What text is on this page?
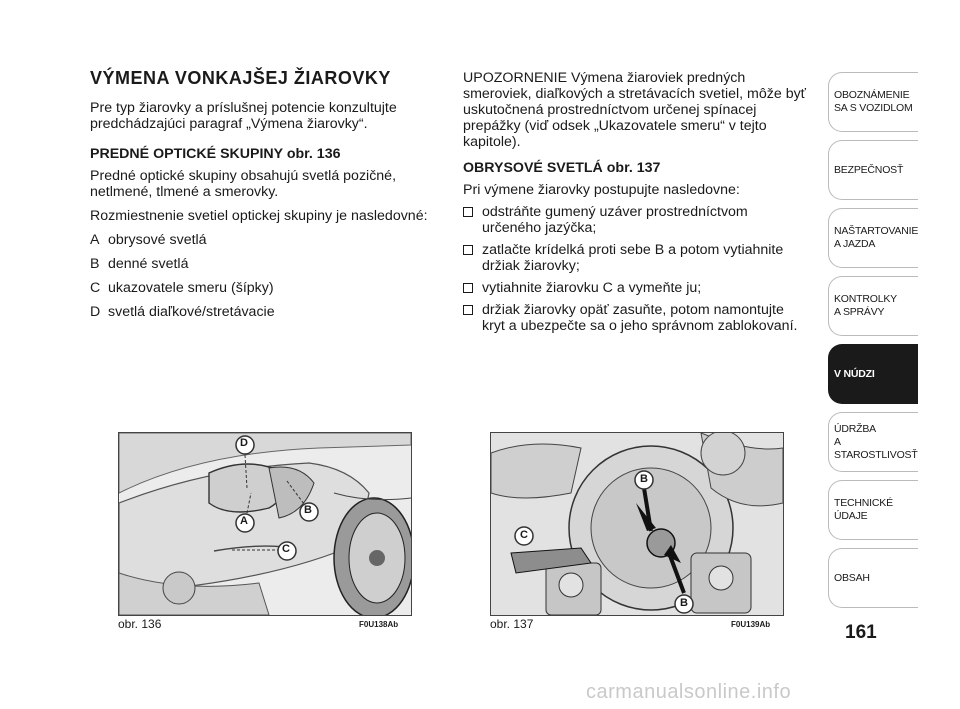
VÝMENA VONKAJŠEJ ŽIAROVKY

Pre typ žiarovky a príslušnej potencie konzultujte predchádzajúci paragraf „Výmena žiarovky“.

PREDNÉ OPTICKÉ SKUPINY obr. 136

Predné optické skupiny obsahujú svetlá pozičné, netlmené, tlmené a smerovky.

Rozmiestnenie svetiel optickej skupiny je nasledovné:

A obrysové svetlá
B denné svetlá
C ukazovatele smeru (šípky)
D svetlá diaľkové/stretávacie

UPOZORNENIE Výmena žiaroviek predných smeroviek, diaľkových a stretávacích svetiel, môže byť uskutočnená prostredníctvom určenej spínacej prepážky (viď odsek „Ukazovatele smeru“ v tejto kapitole).

OBRYSOVÉ SVETLÁ obr. 137

Pri výmene žiarovky postupujte nasledovne:

odstráňte gumený uzáver prostredníctvom určeného jazýčka;
zatlačte krídelká proti sebe B a potom vytiahnite držiak žiarovky;
vytiahnite žiarovku C a vymeňte ju;
držiak žiarovky opäť zasuňte, potom namontujte kryt a ubezpečte sa o jeho správnom zablokovaní.
D
A
B
C
obr. 136	F0U138Ab
B
C
B
obr. 137	F0U139Ab
OBOZNÁMENIE
SA S VOZIDLOM
BEZPEČNOSŤ
NAŠTARTOVANIE
A JAZDA
KONTROLKY
A SPRÁVY
V NÚDZI
ÚDRŽBA
A STAROSTLIVOSŤ
TECHNICKÉ
ÚDAJE
OBSAH
161
carmanualsonline.info
